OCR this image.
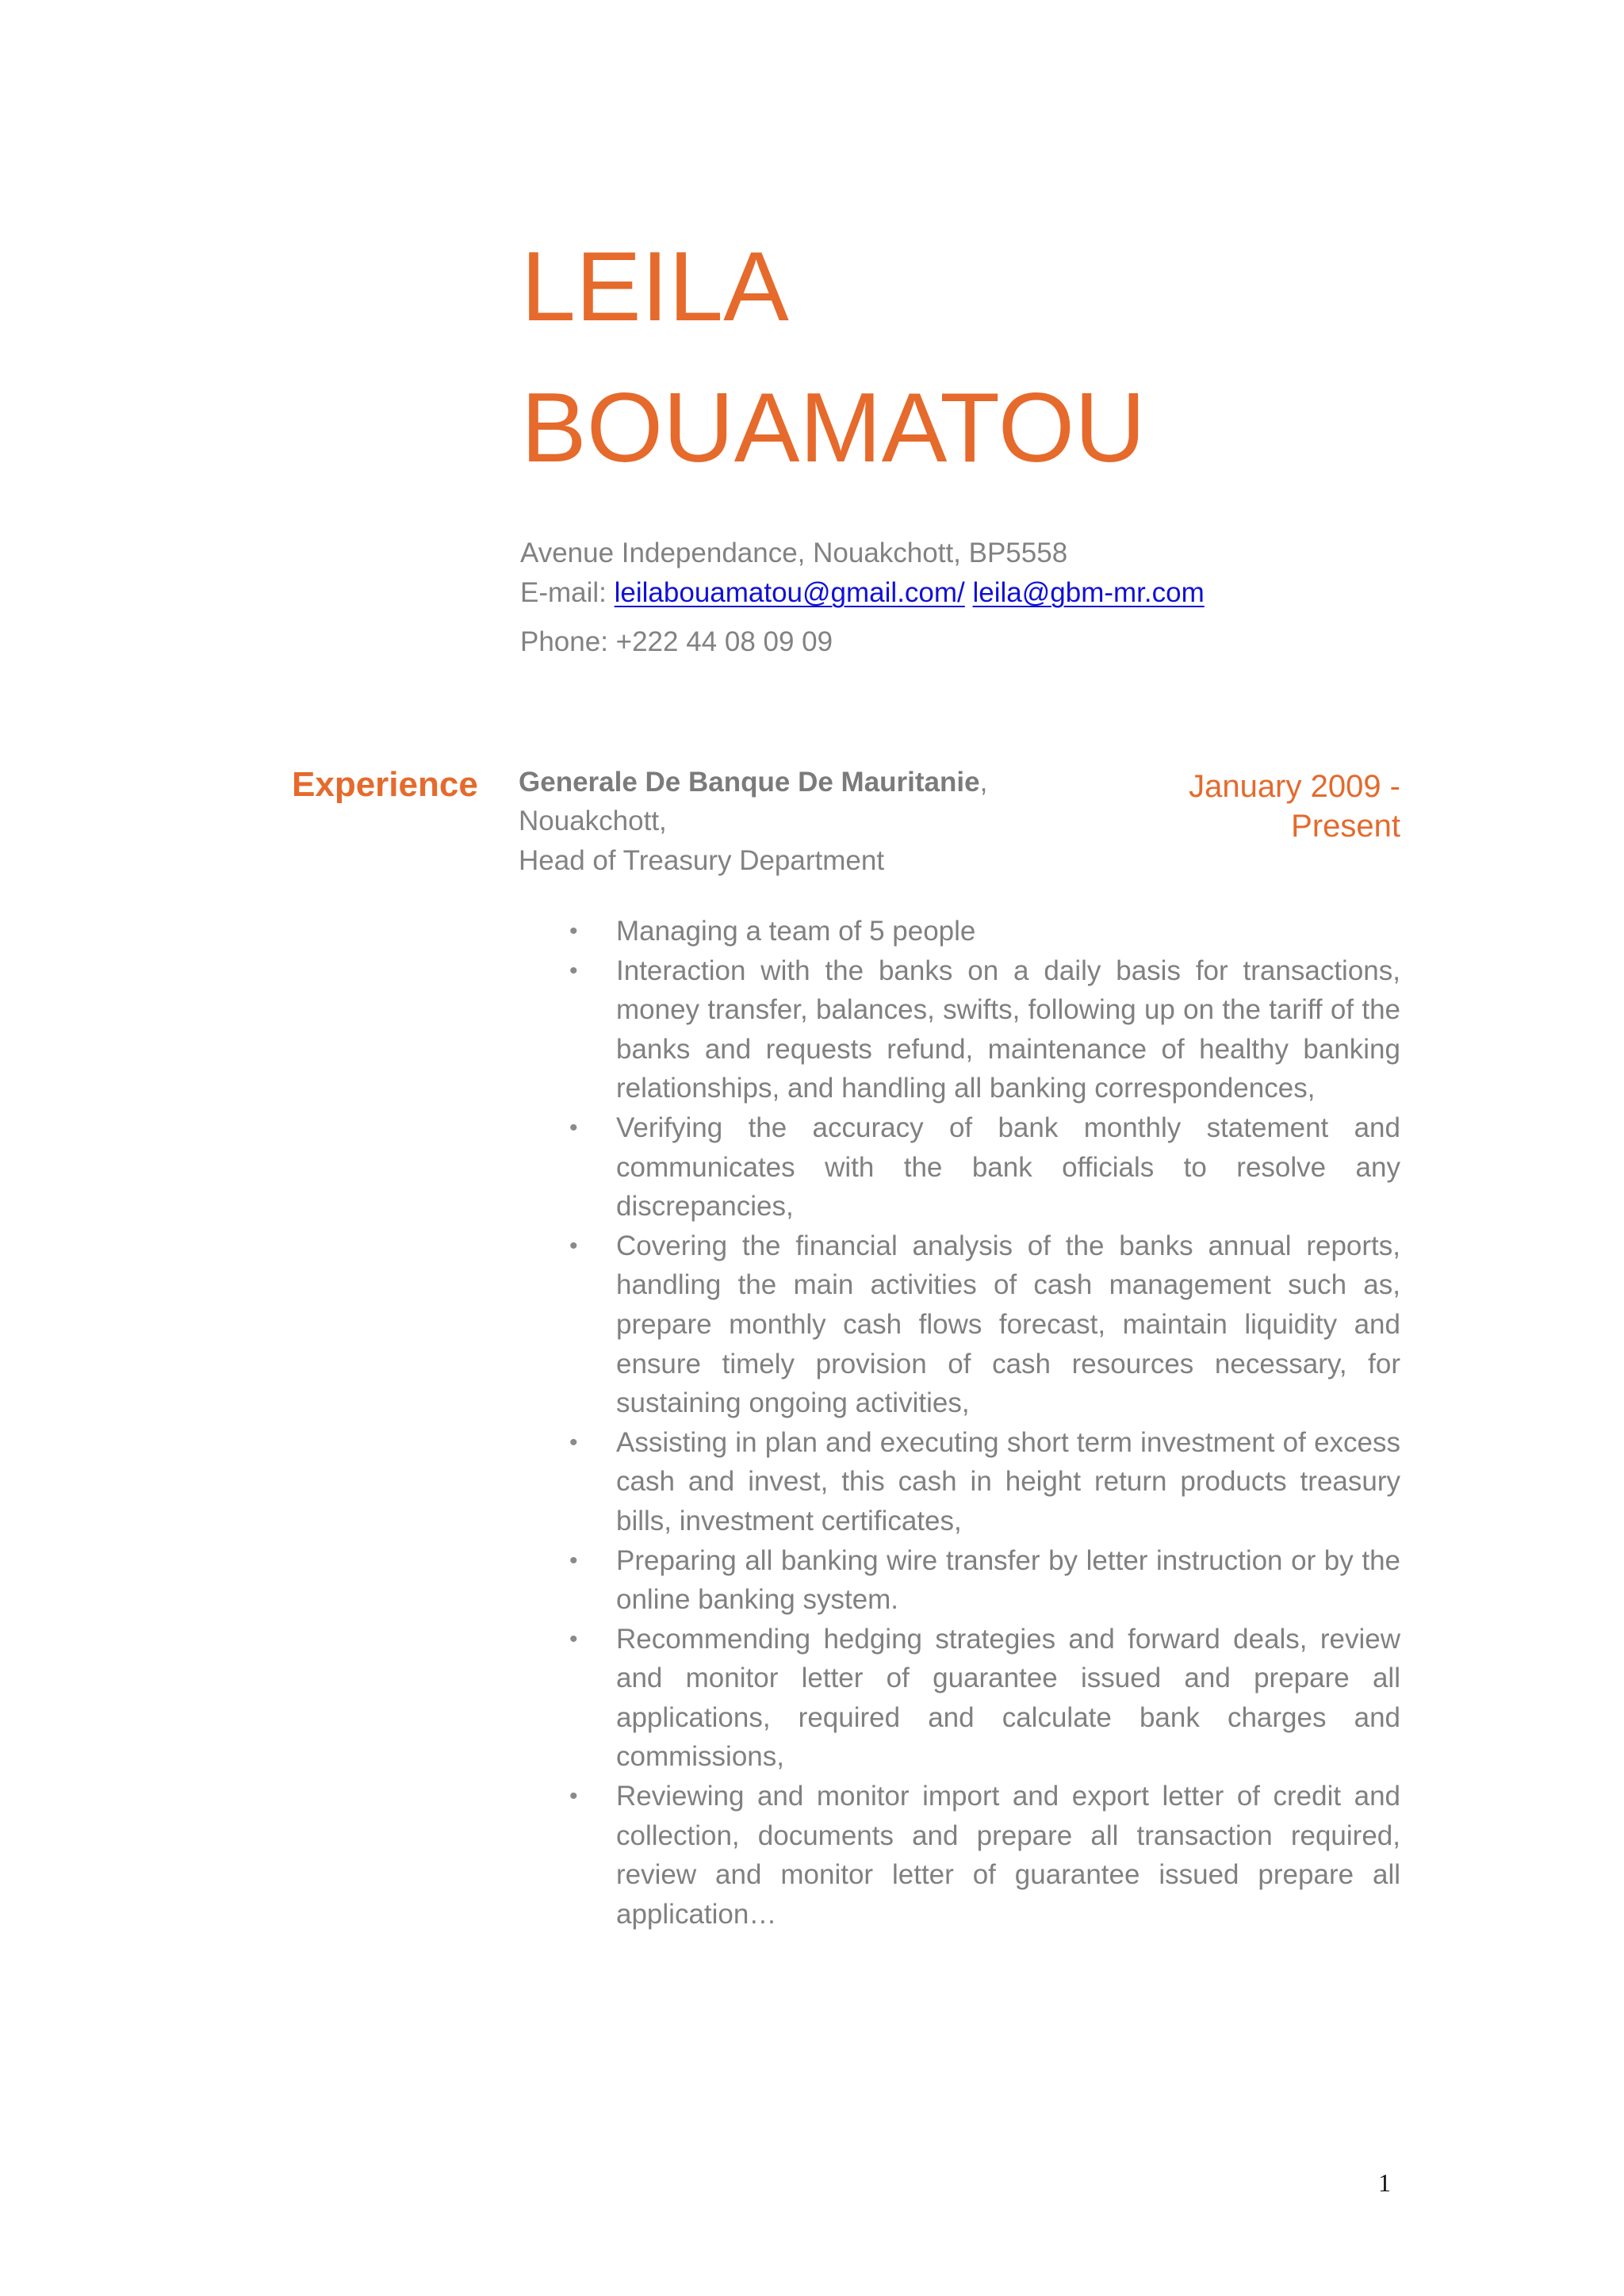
LEILA
BOUAMATOU
Avenue Independance, Nouakchott, BP5558
E-mail: leilabouamatou@gmail.com/ leila@gbm-mr.com
Phone: +222 44 08 09 09
Experience Generale De Banque De Mauritanie,
Nouakchott,
Head of Treasury Department
January 2009 -
Present
• Managing a team of 5 people
• Interaction with the banks on a daily basis for transactions, money transfer, balances, swifts, following up on the tariff of the banks and requests refund, maintenance of healthy banking relationships, and handling all banking correspondences,
• Verifying the accuracy of bank monthly statement and communicates with the bank officials to resolve any discrepancies,
• Covering the financial analysis of the banks annual reports, handling the main activities of cash management such as, prepare monthly cash flows forecast, maintain liquidity and ensure timely provision of cash resources necessary, for sustaining ongoing activities,
• Assisting in plan and executing short term investment of excess cash and invest, this cash in height return products treasury bills, investment certificates,
• Preparing all banking wire transfer by letter instruction or by the online banking system.
• Recommending hedging strategies and forward deals, review and monitor letter of guarantee issued and prepare all applications, required and calculate bank charges and commissions,
• Reviewing and monitor import and export letter of credit and collection, documents and prepare all transaction required, review and monitor letter of guarantee issued prepare all application…
1
